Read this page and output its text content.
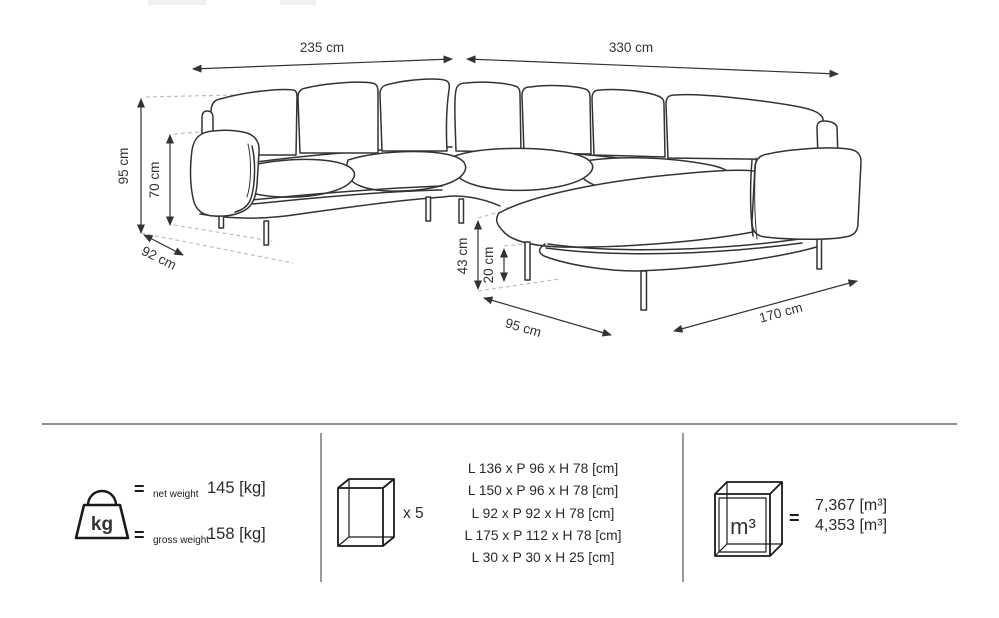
235 cm	330 cm
95 cm 70 cm
92 cm	43 cm 20 cm
95 cm
170 cm
kg
= net weight 145 [kg]
= gross weight
158 [kg]
x 5
L 136 x P 96 x H 78 [cm]
L 150 x P 96 x H 78 [cm]
L 92 x P 92 x H 78 [cm]
L 175 x P 112 x H 78 [cm]
L 30 x P 30 x H 25 [cm]
m³ =
7,367 [m³]
4,353 [m³]
